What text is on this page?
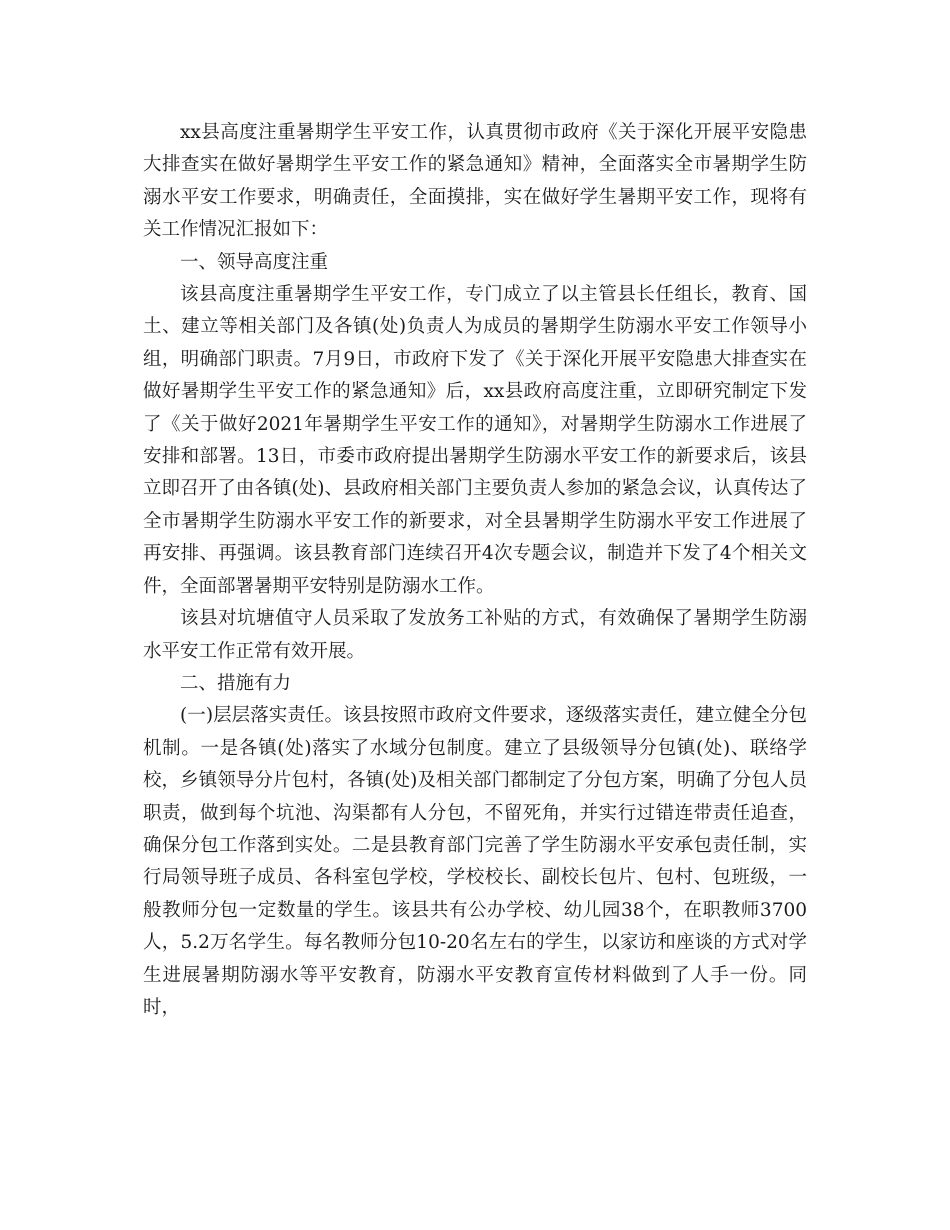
xx县高度注重暑期学生平安工作，认真贯彻市政府《关于深化开展平安隐患大排查实在做好暑期学生平安工作的紧急通知》精神，全面落实全市暑期学生防溺水平安工作要求，明确责任，全面摸排，实在做好学生暑期平安工作，现将有关工作情况汇报如下：

一、领导高度注重

该县高度注重暑期学生平安工作，专门成立了以主管县长任组长，教育、国土、建立等相关部门及各镇(处)负责人为成员的暑期学生防溺水平安工作领导小组，明确部门职责。7月9日，市政府下发了《关于深化开展平安隐患大排查实在做好暑期学生平安工作的紧急通知》后，xx县政府高度注重，立即研究制定下发了《关于做好2021年暑期学生平安工作的通知》，对暑期学生防溺水工作进展了安排和部署。13日，市委市政府提出暑期学生防溺水平安工作的新要求后，该县立即召开了由各镇(处)、县政府相关部门主要负责人参加的紧急会议，认真传达了全市暑期学生防溺水平安工作的新要求，对全县暑期学生防溺水平安工作进展了再安排、再强调。该县教育部门连续召开4次专题会议，制造并下发了4个相关文件，全面部署暑期平安特别是防溺水工作。

该县对坑塘值守人员采取了发放务工补贴的方式，有效确保了暑期学生防溺水平安工作正常有效开展。

二、措施有力

(一)层层落实责任。该县按照市政府文件要求，逐级落实责任，建立健全分包机制。一是各镇(处)落实了水域分包制度。建立了县级领导分包镇(处)、联络学校，乡镇领导分片包村，各镇(处)及相关部门都制定了分包方案，明确了分包人员职责，做到每个坑池、沟渠都有人分包，不留死角，并实行过错连带责任追查，确保分包工作落到实处。二是县教育部门完善了学生防溺水平安承包责任制，实行局领导班子成员、各科室包学校，学校校长、副校长包片、包村、包班级，一般教师分包一定数量的学生。该县共有公办学校、幼儿园38个，在职教师3700人，5.2万名学生。每名教师分包10-20名左右的学生，以家访和座谈的方式对学生进展暑期防溺水等平安教育，防溺水平安教育宣传材料做到了人手一份。同时，
